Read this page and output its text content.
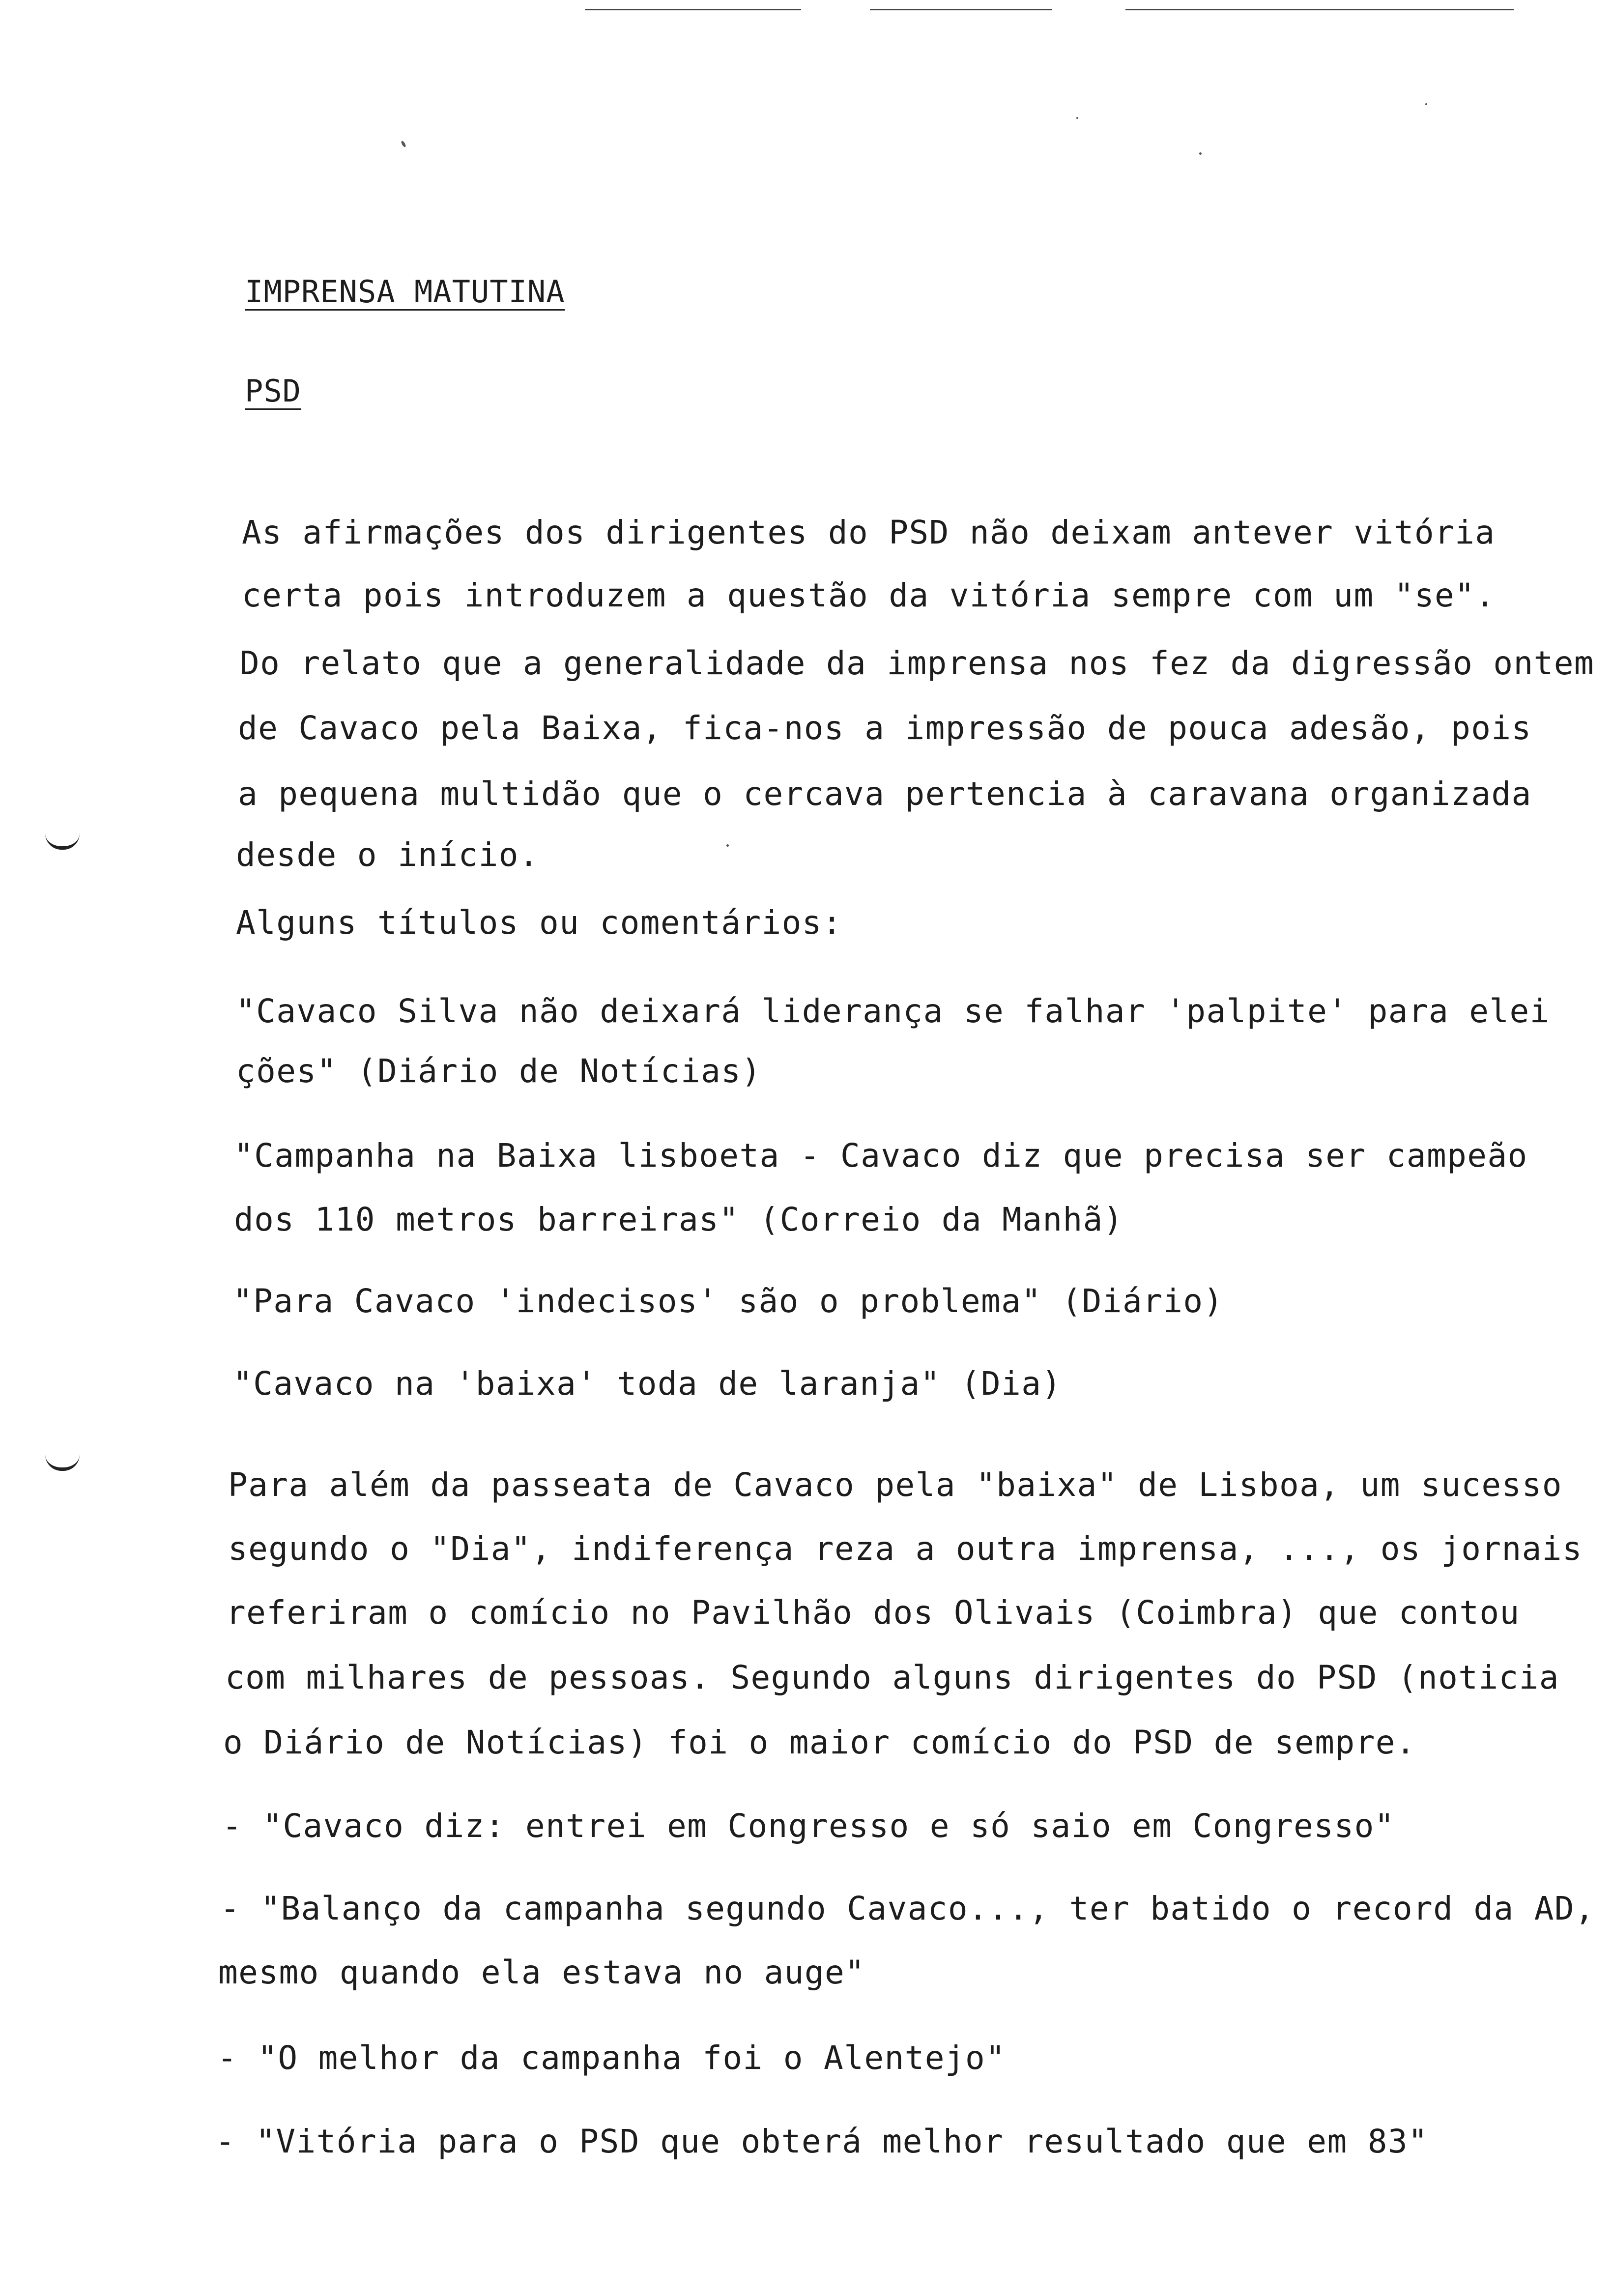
IMPRENSA MATUTINA
PSD
As afirmações dos dirigentes do PSD não deixam antever vitória
certa pois introduzem a questão da vitória sempre com um "se".
Do relato que a generalidade da imprensa nos fez da digressão ontem
de Cavaco pela Baixa, fica-nos a impressão de pouca adesão, pois
a pequena multidão que o cercava pertencia à caravana organizada
desde o início.
Alguns títulos ou comentários:
"Cavaco Silva não deixará liderança se falhar 'palpite' para elei
ções" (Diário de Notícias)
"Campanha na Baixa lisboeta - Cavaco diz que precisa ser campeão
dos 110 metros barreiras" (Correio da Manhã)
"Para Cavaco 'indecisos' são o problema" (Diário)
"Cavaco na 'baixa' toda de laranja" (Dia)
Para além da passeata de Cavaco pela "baixa" de Lisboa, um sucesso
segundo o "Dia", indiferença reza a outra imprensa, ..., os jornais
referiram o comício no Pavilhão dos Olivais (Coimbra) que contou
com milhares de pessoas. Segundo alguns dirigentes do PSD (noticia
o Diário de Notícias) foi o maior comício do PSD de sempre.
- "Cavaco diz: entrei em Congresso e só saio em Congresso"
- "Balanço da campanha segundo Cavaco..., ter batido o record da AD,
mesmo quando ela estava no auge"
- "O melhor da campanha foi o Alentejo"
- "Vitória para o PSD que obterá melhor resultado que em 83"
